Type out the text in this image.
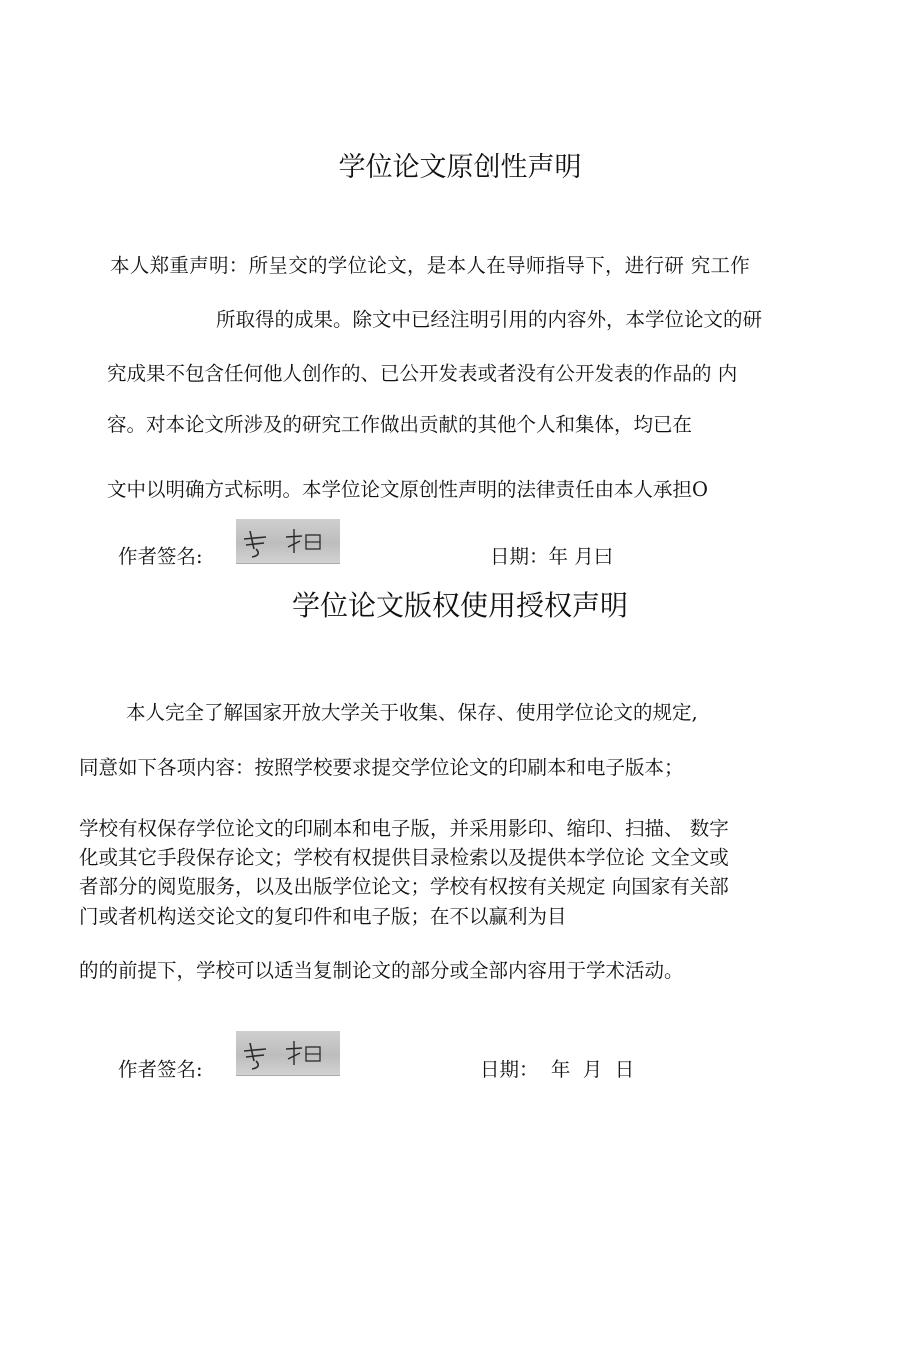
学位论文原创性声明
本人郑重声明：所呈交的学位论文，是本人在导师指导下，进行研 究工作
所取得的成果。除文中已经注明引用的内容外，本学位论文的研
究成果不包含任何他人创作的、已公开发表或者没有公开发表的作品的 内
容。对本论文所涉及的研究工作做出贡献的其他个人和集体，均已在
文中以明确方式标明。本学位论文原创性声明的法律责任由本人承担O
作者签名:	日期：年 月曰
学位论文版权使用授权声明
本人完全了解国家开放大学关于收集、保存、使用学位论文的规定,
同意如下各项内容：按照学校要求提交学位论文的印刷本和电子版本；
学校有权保存学位论文的印刷本和电子版，并采用影印、缩印、扫描、 数字
化或其它手段保存论文；学校有权提供目录检索以及提供本学位论 文全文或
者部分的阅览服务，以及出版学位论文；学校有权按有关规定 向国家有关部
门或者机构送交论文的复印件和电子版；在不以赢利为目
的的前提下，学校可以适当复制论文的部分或全部内容用于学术活动。
作者签名:	日期：  年  月  日
